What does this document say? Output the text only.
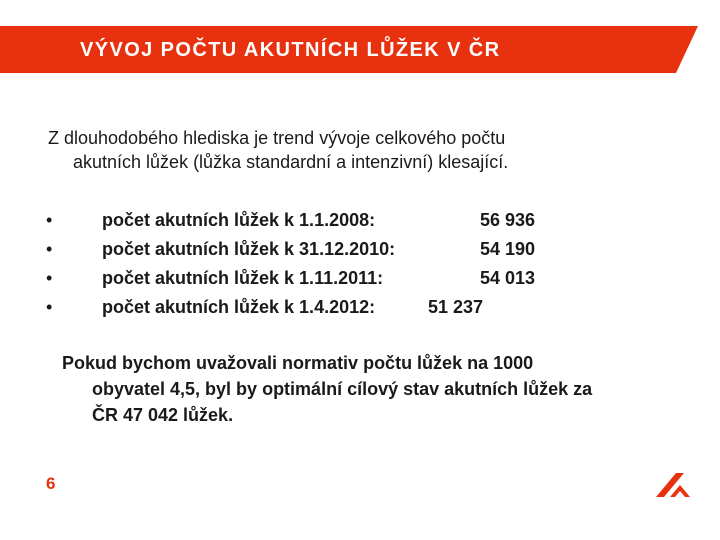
VÝVOJ POČTU AKUTNÍCH LŮŽEK V ČR
Z dlouhodobého hlediska je trend vývoje celkového počtu
akutních lůžek (lůžka standardní a intenzivní) klesající.
•	počet akutních lůžek k 1.1.2008:	56 936
•	počet akutních lůžek k 31.12.2010:	54 190
•	počet akutních lůžek k 1.11.2011:	54 013
•	počet akutních lůžek k 1.4.2012:	51 237
Pokud bychom uvažovali normativ počtu lůžek na 1000
obyvatel 4,5, byl by optimální cílový stav akutních lůžek za
ČR 47 042 lůžek.
6
